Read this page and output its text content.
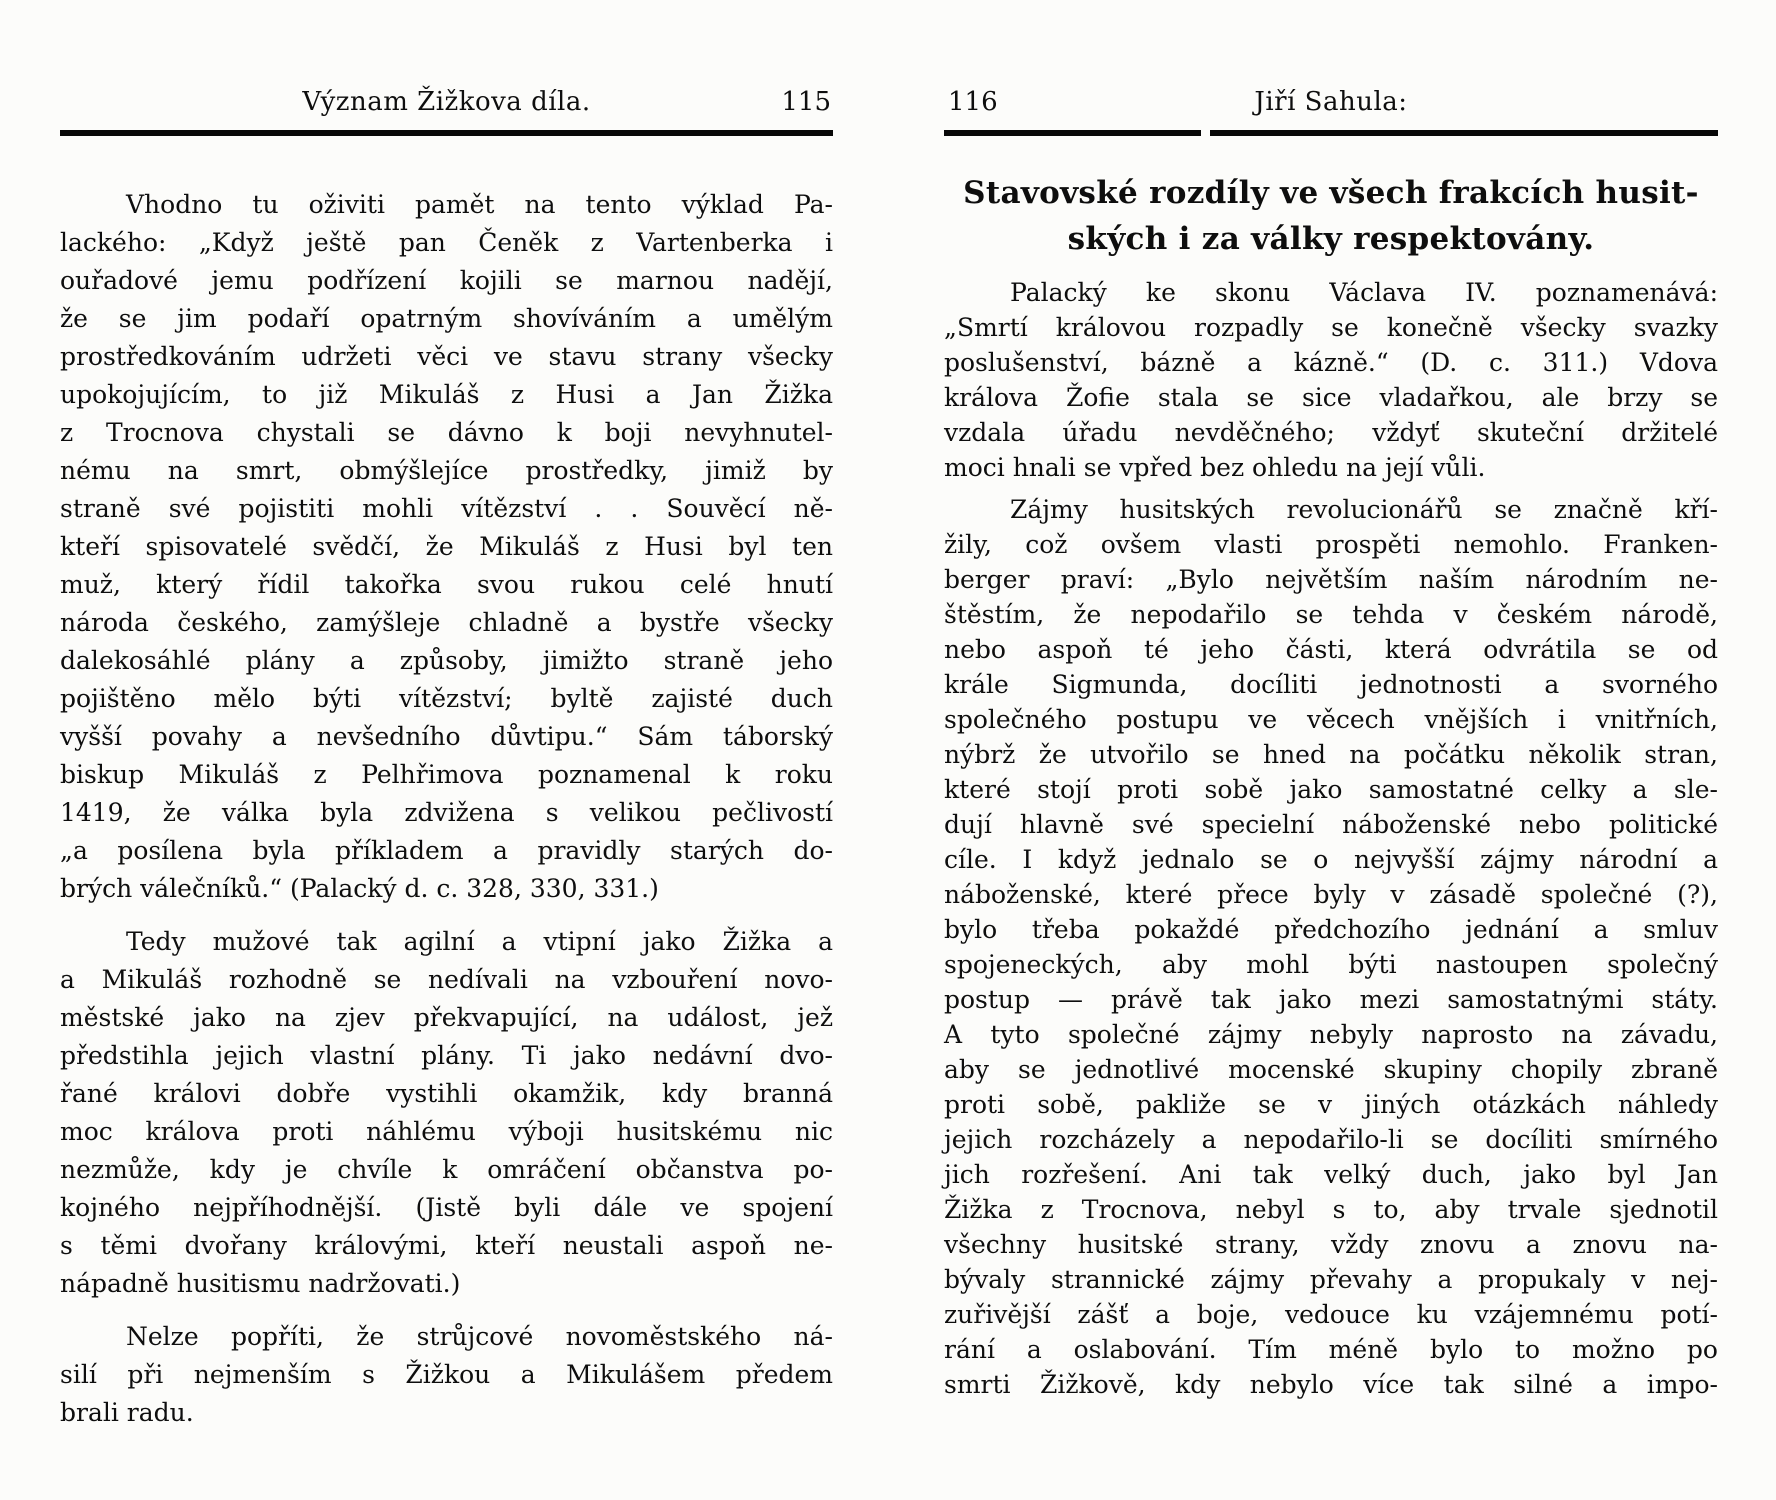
Význam Žižkova díla.	115
Vhodno tu oživiti pamět na tento výklad Pa-
lackého: „Když ještě pan Čeněk z Vartenberka i
ouřadové jemu podřízení kojili se marnou nadějí,
že se jim podaří opatrným shovíváním a umělým
prostředkováním udržeti věci ve stavu strany všecky
upokojujícím, to již Mikuláš z Husi a Jan Žižka
z Trocnova chystali se dávno k boji nevyhnutel-
nému na smrt, obmýšlejíce prostředky, jimiž by
straně své pojistiti mohli vítězství . . Souvěcí ně-
kteří spisovatelé svědčí, že Mikuláš z Husi byl ten
muž, který řídil takořka svou rukou celé hnutí
národa českého, zamýšleje chladně a bystře všecky
dalekosáhlé plány a způsoby, jimižto straně jeho
pojištěno mělo býti vítězství; byltě zajisté duch
vyšší povahy a nevšedního důvtipu.“ Sám táborský
biskup Mikuláš z Pelhřimova poznamenal k roku
1419, že válka byla zdvižena s velikou pečlivostí
„a posílena byla příkladem a pravidly starých do-
brých válečníků.“ (Palacký d. c. 328, 330, 331.)
Tedy mužové tak agilní a vtipní jako Žižka a
a Mikuláš rozhodně se nedívali na vzbouření novo-
městské jako na zjev překvapující, na událost, jež
předstihla jejich vlastní plány. Ti jako nedávní dvo-
řané královi dobře vystihli okamžik, kdy branná
moc králova proti náhlému výboji husitskému nic
nezmůže, kdy je chvíle k omráčení občanstva po-
kojného nejpříhodnější. (Jistě byli dále ve spojení
s těmi dvořany královými, kteří neustali aspoň ne-
nápadně husitismu nadržovati.)
Nelze popříti, že strůjcové novoměstského ná-
silí při nejmenším s Žižkou a Mikulášem předem
brali radu.
116	Jiří Sahula:
Stavovské rozdíly ve všech frakcích husit-
ských i za války respektovány.
Palacký ke skonu Václava IV. poznamenává:
„Smrtí královou rozpadly se konečně všecky svazky
poslušenství, bázně a kázně.“ (D. c. 311.) Vdova
králova Žofie stala se sice vladařkou, ale brzy se
vzdala úřadu nevděčného; vždyť skuteční držitelé
moci hnali se vpřed bez ohledu na její vůli.
Zájmy husitských revolucionářů se značně kří-
žily, což ovšem vlasti prospěti nemohlo. Franken-
berger praví: „Bylo největším naším národním ne-
štěstím, že nepodařilo se tehda v českém národě,
nebo aspoň té jeho části, která odvrátila se od
krále Sigmunda, docíliti jednotnosti a svorného
společného postupu ve věcech vnějších i vnitřních,
nýbrž že utvořilo se hned na počátku několik stran,
které stojí proti sobě jako samostatné celky a sle-
dují hlavně své specielní náboženské nebo politické
cíle. I když jednalo se o nejvyšší zájmy národní a
náboženské, které přece byly v zásadě společné (?),
bylo třeba pokaždé předchozího jednání a smluv
spojeneckých, aby mohl býti nastoupen společný
postup — právě tak jako mezi samostatnými státy.
A tyto společné zájmy nebyly naprosto na závadu,
aby se jednotlivé mocenské skupiny chopily zbraně
proti sobě, pakliže se v jiných otázkách náhledy
jejich rozcházely a nepodařilo-li se docíliti smírného
jich rozřešení. Ani tak velký duch, jako byl Jan
Žižka z Trocnova, nebyl s to, aby trvale sjednotil
všechny husitské strany, vždy znovu a znovu na-
bývaly strannické zájmy převahy a propukaly v nej-
zuřivější zášť a boje, vedouce ku vzájemnému potí-
rání a oslabování. Tím méně bylo to možno po
smrti Žižkově, kdy nebylo více tak silné a impo-
